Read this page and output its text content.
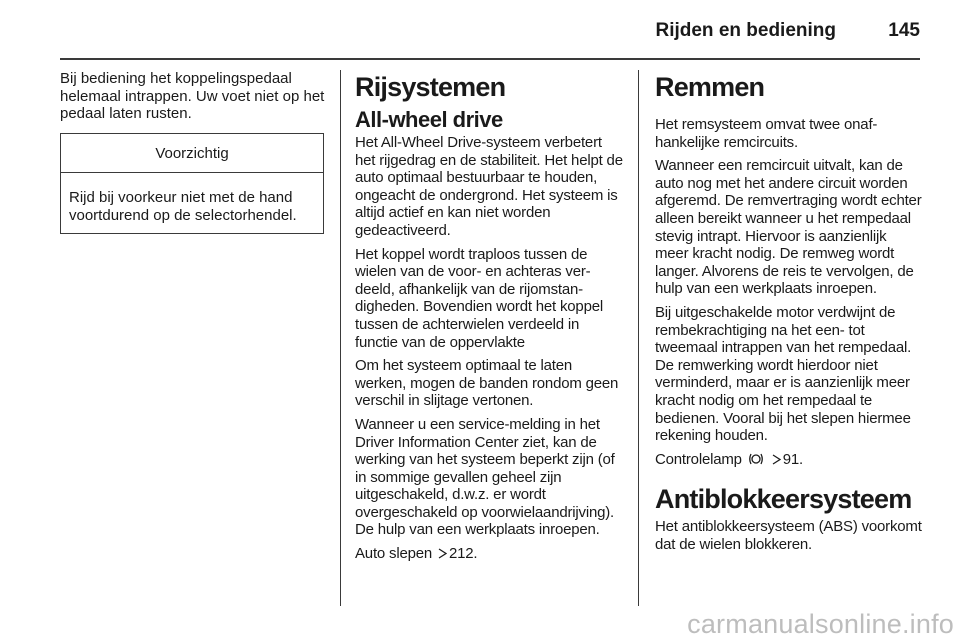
Rijden en bediening	145

Bij bediening het koppelingspedaal helemaal intrappen. Uw voet niet op het pedaal laten rusten.

Voorzichtig

Rijd bij voorkeur niet met de hand voortdurend op de selectorhendel.

Rijsystemen
All-wheel drive

Het All-Wheel Drive-systeem verbetert het rijgedrag en de stabiliteit. Het helpt de auto optimaal bestuurbaar te houden, ongeacht de ondergrond. Het systeem is altijd actief en kan niet worden gedeactiveerd.

Het koppel wordt traploos tussen de wielen van de voor- en achteras verdeeld, afhankelijk van de rijomstandigheden. Bovendien wordt het koppel tussen de achterwielen verdeeld in functie van de oppervlakte

Om het systeem optimaal te laten werken, mogen de banden rondom geen verschil in slijtage vertonen.

Wanneer u een service-melding in het Driver Information Center ziet, kan de werking van het systeem beperkt zijn (of in sommige gevallen geheel zijn uitgeschakeld, d.w.z. er wordt overgeschakeld op voorwielaandrijving). De hulp van een werkplaats inroepen.

Auto slepen 212.

Remmen

Het remsysteem omvat twee onafhankelijke remcircuits.

Wanneer een remcircuit uitvalt, kan de auto nog met het andere circuit worden afgeremd. De remvertraging wordt echter alleen bereikt wanneer u het rempedaal stevig intrapt. Hiervoor is aanzienlijk meer kracht nodig. De remweg wordt langer. Alvorens de reis te vervolgen, de hulp van een werkplaats inroepen.

Bij uitgeschakelde motor verdwijnt de rembekrachtiging na het een- tot tweemaal intrappen van het rempedaal. De remwerking wordt hierdoor niet verminderd, maar er is aanzienlijk meer kracht nodig om het rempedaal te bedienen. Vooral bij het slepen hiermee rekening houden.

Controlelamp	91.

Antiblokkeersysteem

Het antiblokkeersysteem (ABS) voorkomt dat de wielen blokkeren.

carmanualsonline.info
